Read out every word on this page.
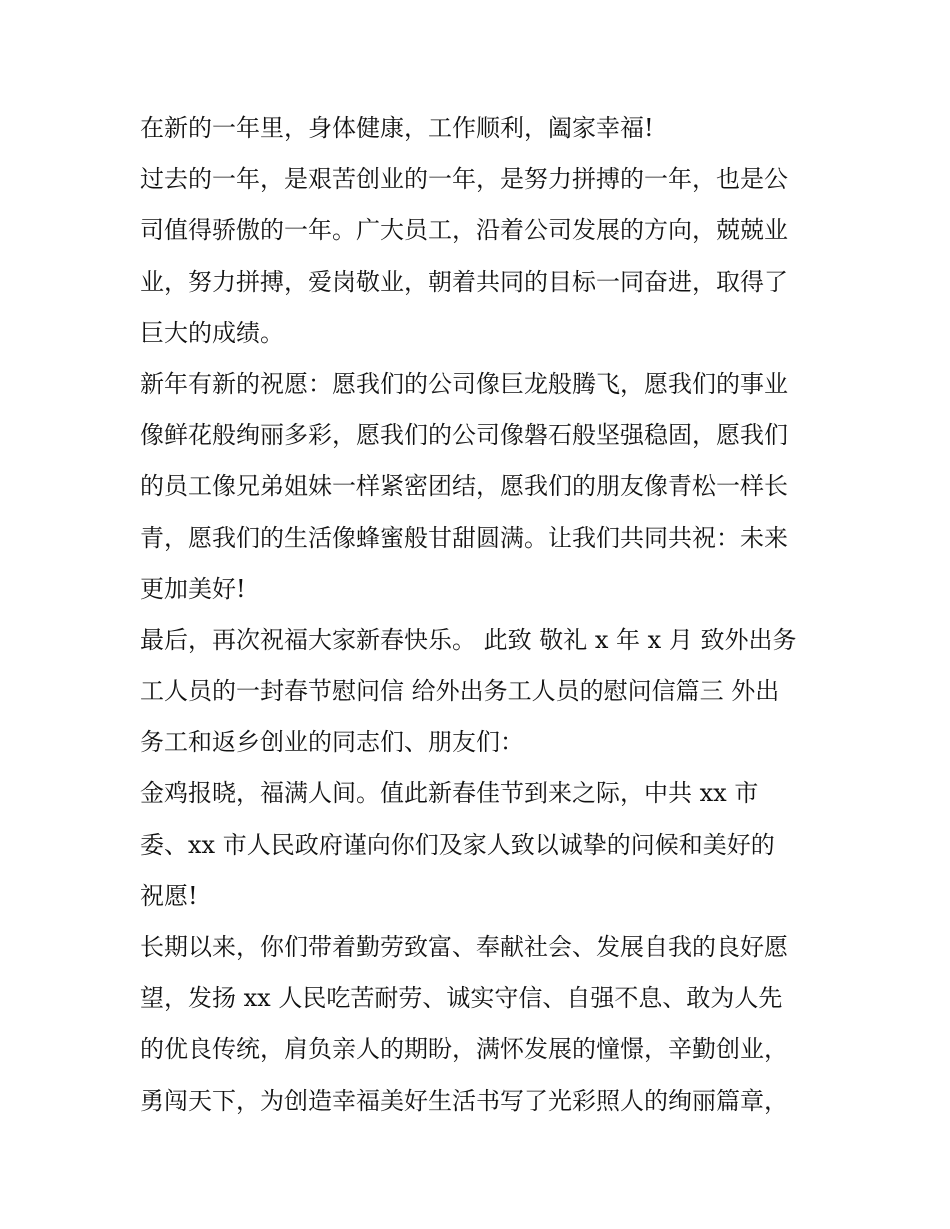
在新的一年里，身体健康，工作顺利，阖家幸福!
过去的一年，是艰苦创业的一年，是努力拼搏的一年，也是公
司值得骄傲的一年。广大员工，沿着公司发展的方向，兢兢业
业，努力拼搏，爱岗敬业，朝着共同的目标一同奋进，取得了
巨大的成绩。
新年有新的祝愿：愿我们的公司像巨龙般腾飞，愿我们的事业
像鲜花般绚丽多彩，愿我们的公司像磐石般坚强稳固，愿我们
的员工像兄弟姐妹一样紧密团结，愿我们的朋友像青松一样长
青，愿我们的生活像蜂蜜般甘甜圆满。让我们共同共祝：未来
更加美好!
最后，再次祝福大家新春快乐。 此致 敬礼 x 年 x 月 致外出务
工人员的一封春节慰问信 给外出务工人员的慰问信篇三 外出
务工和返乡创业的同志们、朋友们：
金鸡报晓，福满人间。值此新春佳节到来之际，中共 xx 市
委、xx 市人民政府谨向你们及家人致以诚挚的问候和美好的
祝愿!
长期以来，你们带着勤劳致富、奉献社会、发展自我的良好愿
望，发扬 xx 人民吃苦耐劳、诚实守信、自强不息、敢为人先
的优良传统，肩负亲人的期盼，满怀发展的憧憬，辛勤创业，
勇闯天下，为创造幸福美好生活书写了光彩照人的绚丽篇章，
